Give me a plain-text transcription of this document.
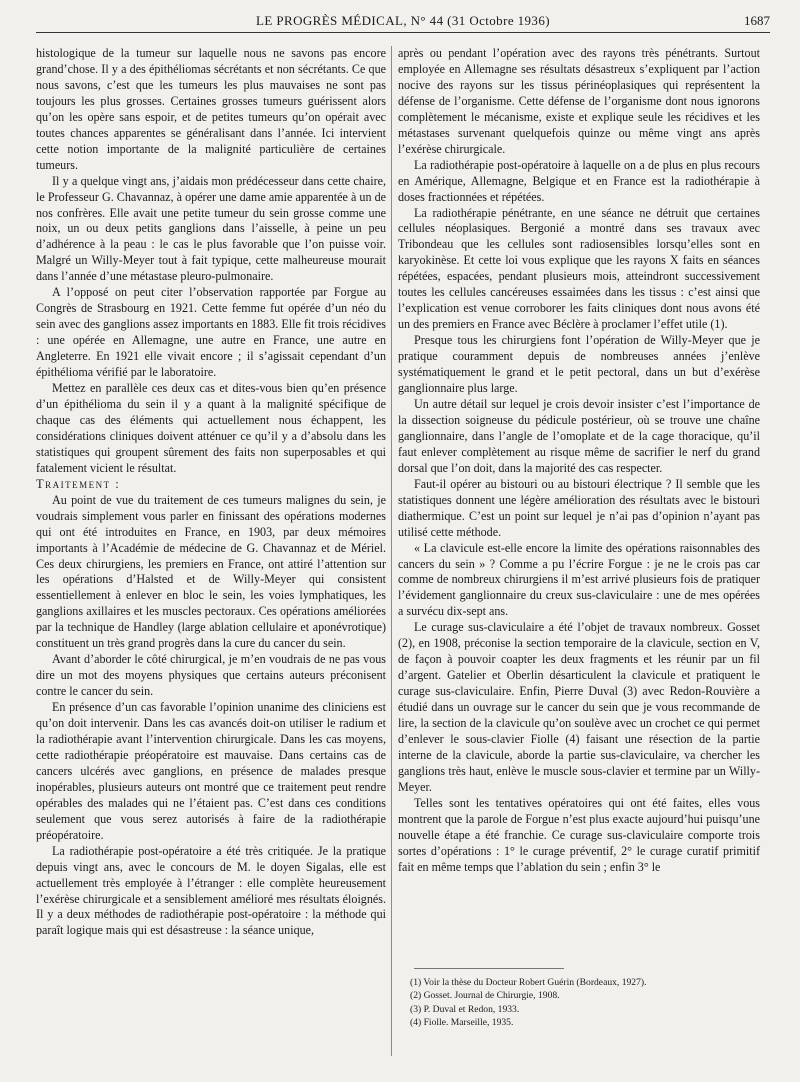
LE PROGRÈS MÉDICAL, N° 44 (31 Octobre 1936)	1687

histologique de la tumeur sur laquelle nous ne savons pas encore grand’chose. Il y a des épithéliomas sécrétants et non sécrétants. Ce que nous savons, c’est que les tumeurs les plus mauvaises ne sont pas toujours les plus grosses. Certaines grosses tumeurs guérissent alors qu’on les opère sans espoir, et de petites tumeurs qu’on opérait avec toutes chances apparentes se généralisant dans l’année. Ici intervient cette notion importante de la malignité particulière de certaines tumeurs.

Il y a quelque vingt ans, j’aidais mon prédécesseur dans cette chaire, le Professeur G. Chavannaz, à opérer une dame amie apparentée à un de nos confrères. Elle avait une petite tumeur du sein grosse comme une noix, un ou deux petits ganglions dans l’aisselle, à peine un peu d’adhérence à la peau : le cas le plus favorable que l’on puisse voir. Malgré un Willy-Meyer tout à fait typique, cette malheureuse mourait dans l’année d’une métastase pleuro-pulmonaire.

A l’opposé on peut citer l’observation rapportée par Forgue au Congrès de Strasbourg en 1921. Cette femme fut opérée d’un néo du sein avec des ganglions assez importants en 1883. Elle fit trois récidives : une opérée en Allemagne, une autre en France, une autre en Angleterre. En 1921 elle vivait encore ; il s’agissait cependant d’un épithélioma vérifié par le laboratoire.

Mettez en parallèle ces deux cas et dites-vous bien qu’en présence d’un épithélioma du sein il y a quant à la malignité spécifique de chaque cas des éléments qui actuellement nous échappent, les considérations cliniques doivent atténuer ce qu’il y a d’absolu dans les statistiques qui groupent sûrement des faits non superposables et qui fatalement vicient le résultat.

Traitement :

Au point de vue du traitement de ces tumeurs malignes du sein, je voudrais simplement vous parler en finissant des opérations modernes qui ont été introduites en France, en 1903, par deux mémoires importants à l’Académie de médecine de G. Chavannaz et de Mériel. Ces deux chirurgiens, les premiers en France, ont attiré l’attention sur les opérations d’Halsted et de Willy-Meyer qui consistent essentiellement à enlever en bloc le sein, les voies lymphatiques, les ganglions axillaires et les muscles pectoraux. Ces opérations améliorées par la technique de Handley (large ablation cellulaire et aponévrotique) constituent un très grand progrès dans la cure du cancer du sein.

Avant d’aborder le côté chirurgical, je m’en voudrais de ne pas vous dire un mot des moyens physiques que certains auteurs préconisent contre le cancer du sein.

En présence d’un cas favorable l’opinion unanime des cliniciens est qu’on doit intervenir. Dans les cas avancés doit-on utiliser le radium et la radiothérapie avant l’intervention chirurgicale. Dans les cas moyens, cette radiothérapie préopératoire est mauvaise. Dans certains cas de cancers ulcérés avec ganglions, en présence de malades presque inopérables, plusieurs auteurs ont montré que ce traitement peut rendre opérables des malades qui ne l’étaient pas. C’est dans ces conditions seulement que vous serez autorisés à faire de la radiothérapie préopératoire.

La radiothérapie post-opératoire a été très critiquée. Je la pratique depuis vingt ans, avec le concours de M. le doyen Sigalas, elle est actuellement très employée à l’étranger : elle complète heureusement l’exérèse chirurgicale et a sensiblement amélioré mes résultats éloignés. Il y a deux méthodes de radiothérapie post-opératoire : la méthode qui paraît logique mais qui est désastreuse : la séance unique,

après ou pendant l’opération avec des rayons très pénétrants. Surtout employée en Allemagne ses résultats désastreux s’expliquent par l’action nocive des rayons sur les tissus périnéoplasiques qui représentent la défense de l’organisme. Cette défense de l’organisme dont nous ignorons complètement le mécanisme, existe et explique seule les récidives et les métastases survenant quelquefois quinze ou même vingt ans après l’exérèse chirurgicale.

La radiothérapie post-opératoire à laquelle on a de plus en plus recours en Amérique, Allemagne, Belgique et en France est la radiothérapie à doses fractionnées et répétées.

La radiothérapie pénétrante, en une séance ne détruit que certaines cellules néoplasiques. Bergonié a montré dans ses travaux avec Tribondeau que les cellules sont radiosensibles lorsqu’elles sont en karyokinèse. Et cette loi vous explique que les rayons X faits en séances répétées, espacées, pendant plusieurs mois, atteindront successivement toutes les cellules cancéreuses essaimées dans les tissus : c’est ainsi que l’explication est venue corroborer les faits cliniques dont nous avons été un des premiers en France avec Béclère à proclamer l’effet utile (1).

Presque tous les chirurgiens font l’opération de Willy-Meyer que je pratique couramment depuis de nombreuses années j’enlève systématiquement le grand et le petit pectoral, dans un but d’exérèse ganglionnaire plus large.

Un autre détail sur lequel je crois devoir insister c’est l’importance de la dissection soigneuse du pédicule postérieur, où se trouve une chaîne ganglionnaire, dans l’angle de l’omoplate et de la cage thoracique, qu’il faut enlever complètement au risque même de sacrifier le nerf du grand dorsal que l’on doit, dans la majorité des cas respecter.

Faut-il opérer au bistouri ou au bistouri électrique ? Il semble que les statistiques donnent une légère amélioration des résultats avec le bistouri diathermique. C’est un point sur lequel je n’ai pas d’opinion n’ayant pas utilisé cette méthode.

« La clavicule est-elle encore la limite des opérations raisonnables des cancers du sein » ? Comme a pu l’écrire Forgue : je ne le crois pas car comme de nombreux chirurgiens il m’est arrivé plusieurs fois de pratiquer l’évidement ganglionnaire du creux sus-claviculaire : une de mes opérées a survécu dix-sept ans.

Le curage sus-claviculaire a été l’objet de travaux nombreux. Gosset (2), en 1908, préconise la section temporaire de la clavicule, section en V, de façon à pouvoir coapter les deux fragments et les réunir par un fil d’argent. Gatelier et Oberlin désarticulent la clavicule et pratiquent le curage sus-claviculaire. Enfin, Pierre Duval (3) avec Redon-Rouvière a étudié dans un ouvrage sur le cancer du sein que je vous recommande de lire, la section de la clavicule qu’on soulève avec un crochet ce qui permet d’enlever le sous-clavier Fiolle (4) faisant une résection de la partie interne de la clavicule, aborde la partie sus-claviculaire, va chercher les ganglions très haut, enlève le muscle sous-clavier et termine par un Willy-Meyer.

Telles sont les tentatives opératoires qui ont été faites, elles vous montrent que la parole de Forgue n’est plus exacte aujourd’hui puisqu’une nouvelle étape a été franchie. Ce curage sus-claviculaire comporte trois sortes d’opérations : 1° le curage préventif, 2° le curage curatif primitif fait en même temps que l’ablation du sein ; enfin 3° le

(1) Voir la thèse du Docteur Robert Guérin (Bordeaux, 1927).
(2) Gosset. Journal de Chirurgie, 1908.
(3) P. Duval et Redon, 1933.
(4) Fiolle. Marseille, 1935.
